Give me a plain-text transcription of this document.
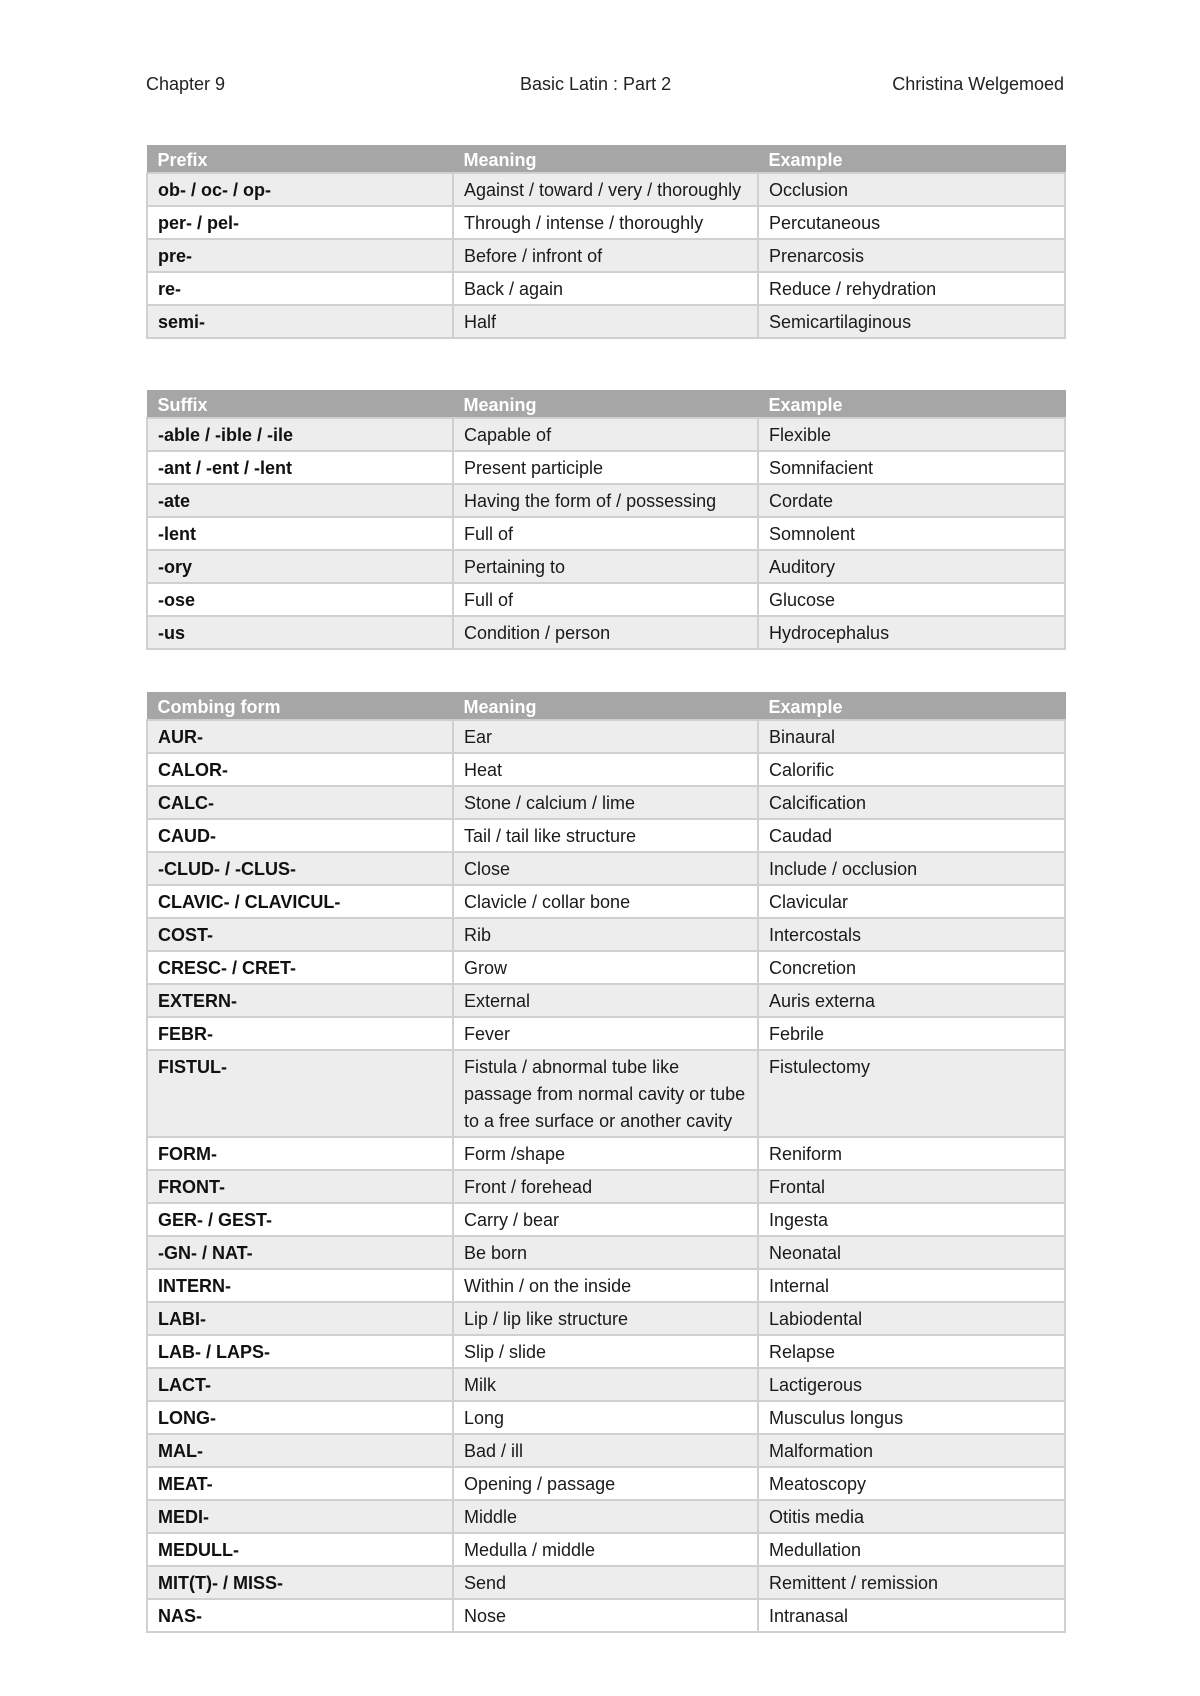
Chapter 9	Basic Latin : Part 2	Christina Welgemoed
Prefix	Meaning	Example
ob- / oc- / op-	Against / toward / very / thoroughly	Occlusion
per- / pel-	Through / intense / thoroughly	Percutaneous
pre-	Before / infront of	Prenarcosis
re-	Back / again	Reduce / rehydration
semi-	Half	Semicartilaginous
Suffix	Meaning	Example
-able / -ible / -ile	Capable of	Flexible
-ant / -ent / -lent	Present participle	Somnifacient
-ate	Having the form of / possessing	Cordate
-lent	Full of	Somnolent
-ory	Pertaining to	Auditory
-ose	Full of	Glucose
-us	Condition / person	Hydrocephalus
Combing form	Meaning	Example
AUR-	Ear	Binaural
CALOR-	Heat	Calorific
CALC-	Stone / calcium / lime	Calcification
CAUD-	Tail / tail like structure	Caudad
-CLUD- / -CLUS-	Close	Include / occlusion
CLAVIC- / CLAVICUL-	Clavicle / collar bone	Clavicular
COST-	Rib	Intercostals
CRESC- / CRET-	Grow	Concretion
EXTERN-	External	Auris externa
FEBR-	Fever	Febrile
FISTUL-	Fistula / abnormal tube like passage from normal cavity or tube to a free surface or another cavity	Fistulectomy
FORM-	Form /shape	Reniform
FRONT-	Front / forehead	Frontal
GER- / GEST-	Carry / bear	Ingesta
-GN- / NAT-	Be born	Neonatal
INTERN-	Within / on the inside	Internal
LABI-	Lip / lip like structure	Labiodental
LAB- / LAPS-	Slip / slide	Relapse
LACT-	Milk	Lactigerous
LONG-	Long	Musculus longus
MAL-	Bad / ill	Malformation
MEAT-	Opening / passage	Meatoscopy
MEDI-	Middle	Otitis media
MEDULL-	Medulla / middle	Medullation
MIT(T)- / MISS-	Send	Remittent / remission
NAS-	Nose	Intranasal
